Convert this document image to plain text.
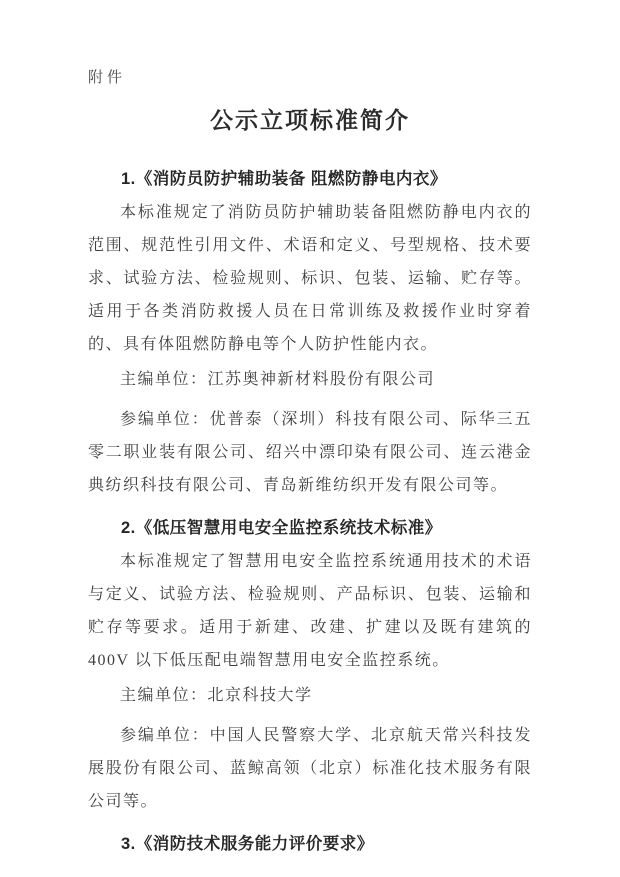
附件

公示立项标准简介
1.《消防员防护辅助装备 阻燃防静电内衣》

本标准规定了消防员防护辅助装备阻燃防静电内衣的范围、规范性引用文件、术语和定义、号型规格、技术要求、试验方法、检验规则、标识、包装、运输、贮存等。适用于各类消防救援人员在日常训练及救援作业时穿着的、具有体阻燃防静电等个人防护性能内衣。

主编单位：江苏奥神新材料股份有限公司

参编单位：优普泰（深圳）科技有限公司、际华三五零二职业装有限公司、绍兴中漂印染有限公司、连云港金典纺织科技有限公司、青岛新维纺织开发有限公司等。

2.《低压智慧用电安全监控系统技术标准》

本标准规定了智慧用电安全监控系统通用技术的术语与定义、试验方法、检验规则、产品标识、包装、运输和贮存等要求。适用于新建、改建、扩建以及既有建筑的 400V 以下低压配电端智慧用电安全监控系统。

主编单位：北京科技大学

参编单位：中国人民警察大学、北京航天常兴科技发展股份有限公司、蓝鲸高领（北京）标准化技术服务有限公司等。

3.《消防技术服务能力评价要求》
